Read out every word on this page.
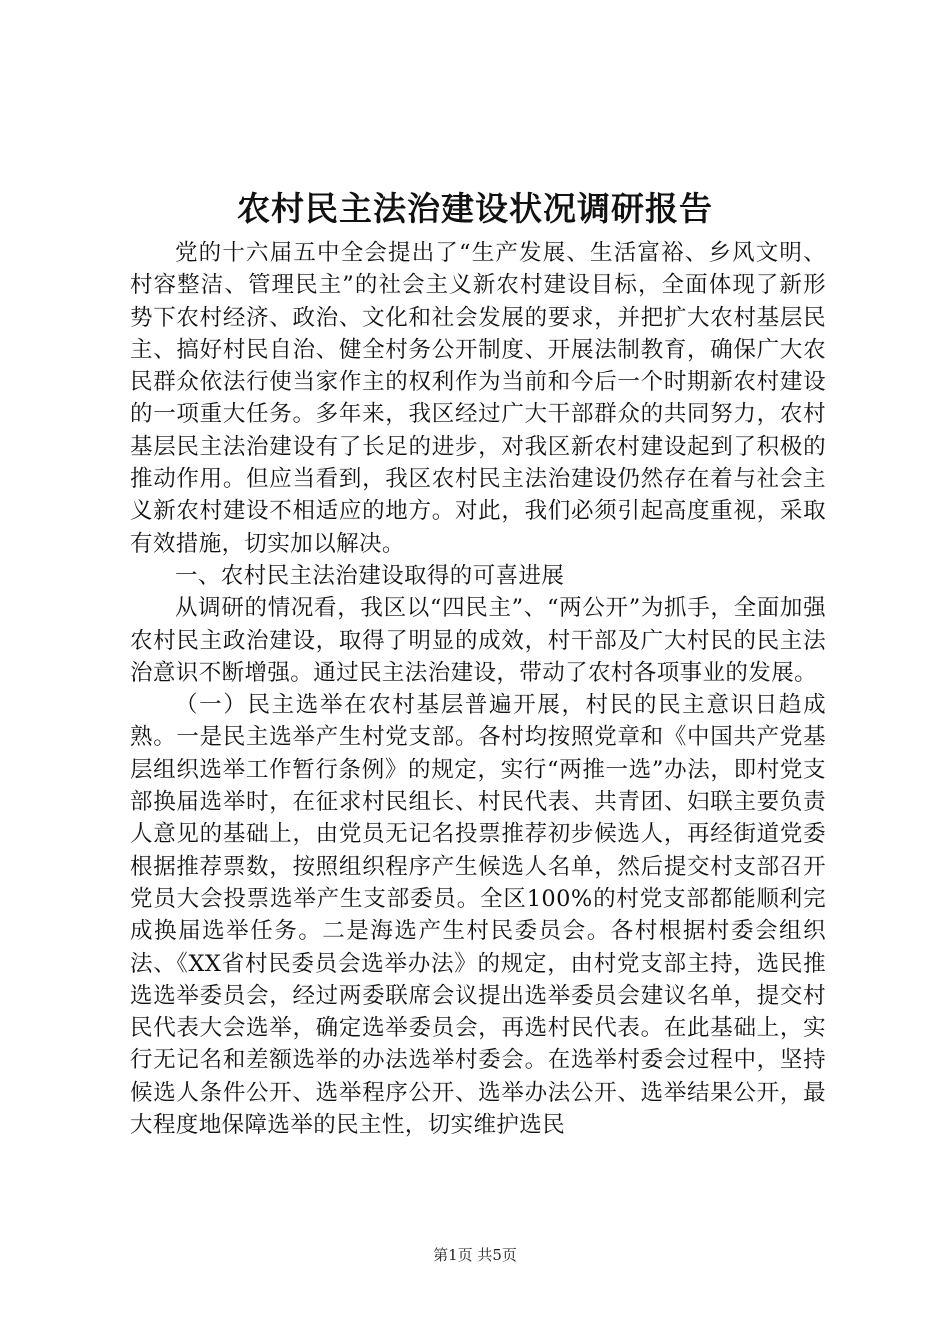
农村民主法治建设状况调研报告

党的十六届五中全会提出了“生产发展、生活富裕、乡风文明、村容整洁、管理民主”的社会主义新农村建设目标，全面体现了新形势下农村经济、政治、文化和社会发展的要求，并把扩大农村基层民主、搞好村民自治、健全村务公开制度、开展法制教育，确保广大农民群众依法行使当家作主的权利作为当前和今后一个时期新农村建设的一项重大任务。多年来，我区经过广大干部群众的共同努力，农村基层民主法治建设有了长足的进步，对我区新农村建设起到了积极的推动作用。但应当看到，我区农村民主法治建设仍然存在着与社会主义新农村建设不相适应的地方。对此，我们必须引起高度重视，采取有效措施，切实加以解决。

一、农村民主法治建设取得的可喜进展

从调研的情况看，我区以“四民主”、“两公开”为抓手，全面加强农村民主政治建设，取得了明显的成效，村干部及广大村民的民主法治意识不断增强。通过民主法治建设，带动了农村各项事业的发展。

（一）民主选举在农村基层普遍开展，村民的民主意识日趋成熟。一是民主选举产生村党支部。各村均按照党章和《中国共产党基层组织选举工作暂行条例》的规定，实行“两推一选”办法，即村党支部换届选举时，在征求村民组长、村民代表、共青团、妇联主要负责人意见的基础上，由党员无记名投票推荐初步候选人，再经街道党委根据推荐票数，按照组织程序产生候选人名单，然后提交村支部召开党员大会投票选举产生支部委员。全区100%的村党支部都能顺利完成换届选举任务。二是海选产生村民委员会。各村根据村委会组织法、《XX省村民委员会选举办法》的规定，由村党支部主持，选民推选选举委员会，经过两委联席会议提出选举委员会建议名单，提交村民代表大会选举，确定选举委员会，再选村民代表。在此基础上，实行无记名和差额选举的办法选举村委会。在选举村委会过程中，坚持候选人条件公开、选举程序公开、选举办法公开、选举结果公开，最大程度地保障选举的民主性，切实维护选民

第1页 共5页
